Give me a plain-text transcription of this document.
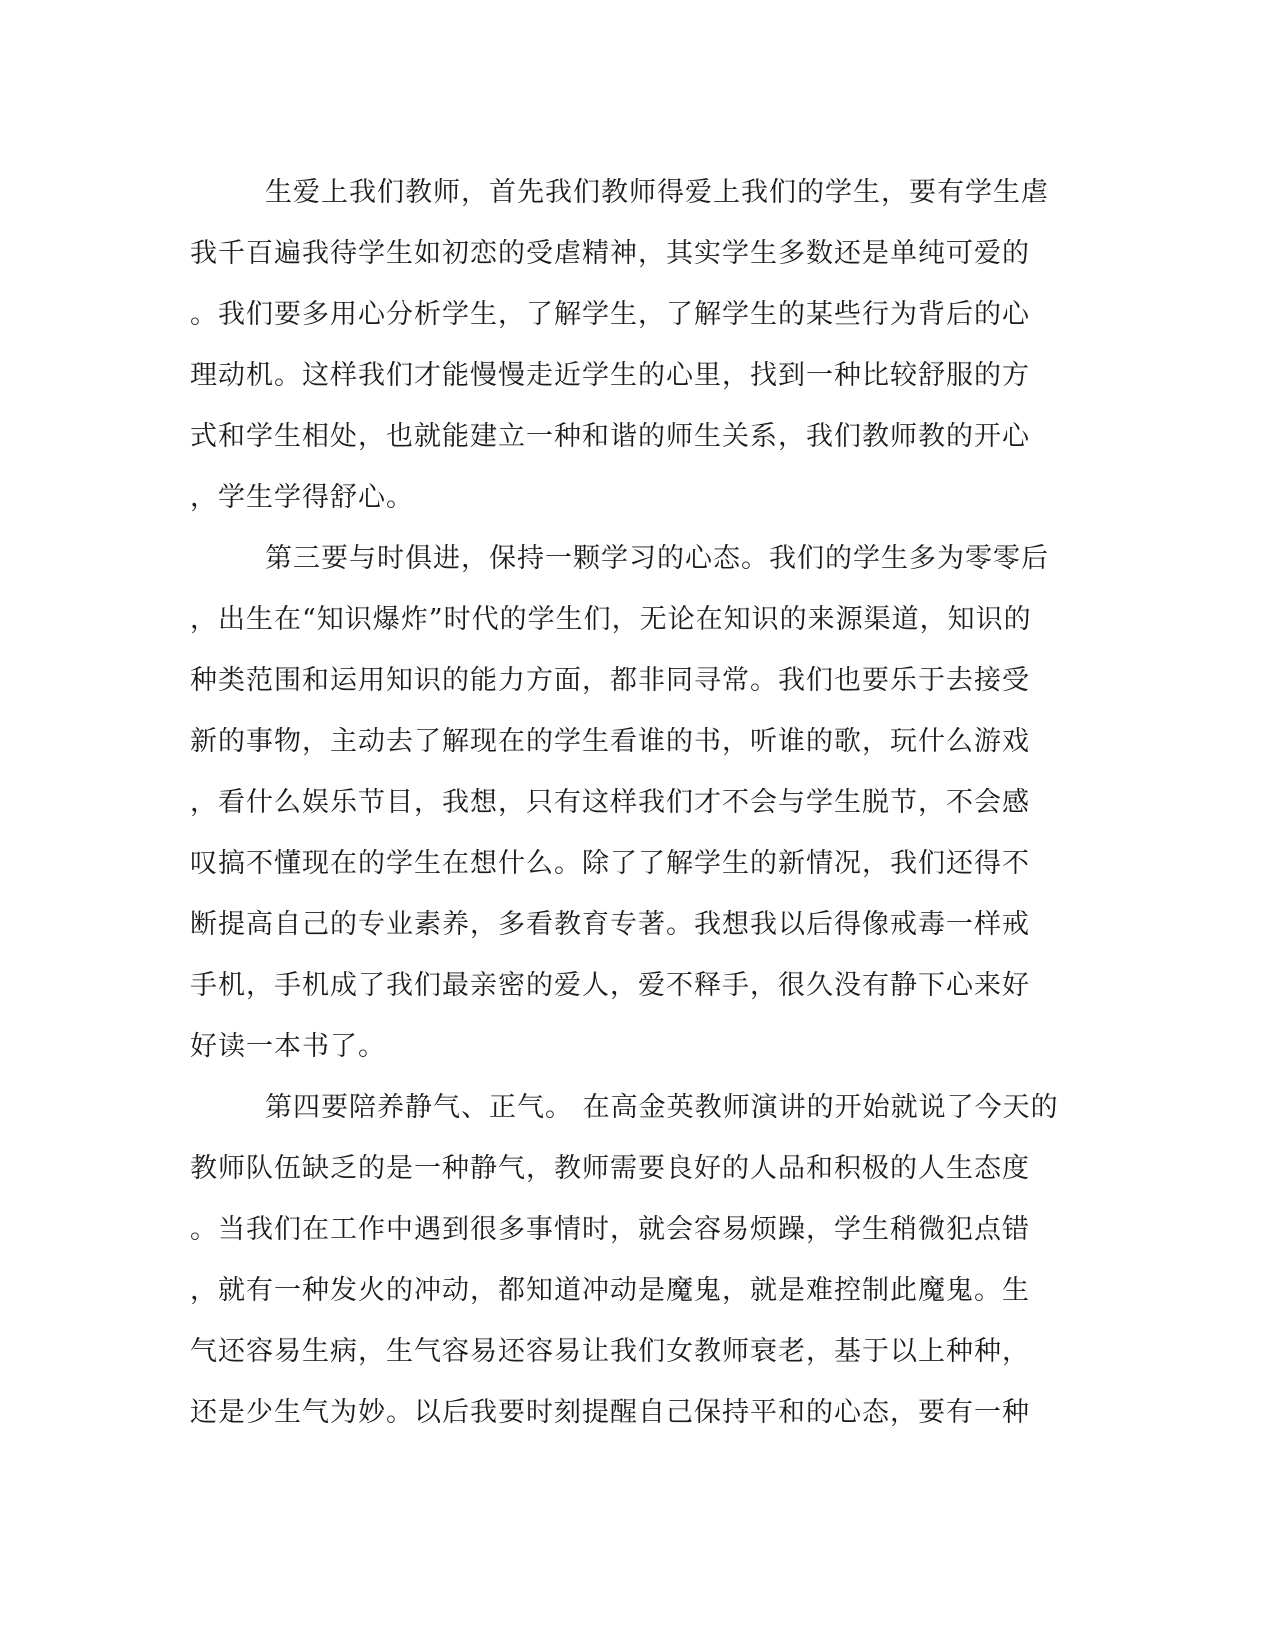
生爱上我们教师，首先我们教师得爱上我们的学生，要有学生虐
我千百遍我待学生如初恋的受虐精神，其实学生多数还是单纯可爱的
。我们要多用心分析学生，了解学生，了解学生的某些行为背后的心
理动机。这样我们才能慢慢走近学生的心里，找到一种比较舒服的方
式和学生相处，也就能建立一种和谐的师生关系，我们教师教的开心
，学生学得舒心。
第三要与时俱进，保持一颗学习的心态。我们的学生多为零零后
，出生在“知识爆炸”时代的学生们，无论在知识的来源渠道，知识的
种类范围和运用知识的能力方面，都非同寻常。我们也要乐于去接受
新的事物，主动去了解现在的学生看谁的书，听谁的歌，玩什么游戏
，看什么娱乐节目，我想，只有这样我们才不会与学生脱节，不会感
叹搞不懂现在的学生在想什么。除了了解学生的新情况，我们还得不
断提高自己的专业素养，多看教育专著。我想我以后得像戒毒一样戒
手机，手机成了我们最亲密的爱人，爱不释手，很久没有静下心来好
好读一本书了。
第四要陪养静气、正气。 在高金英教师演讲的开始就说了今天的
教师队伍缺乏的是一种静气，教师需要良好的人品和积极的人生态度
。当我们在工作中遇到很多事情时，就会容易烦躁，学生稍微犯点错
，就有一种发火的冲动，都知道冲动是魔鬼，就是难控制此魔鬼。生
气还容易生病，生气容易还容易让我们女教师衰老，基于以上种种，
还是少生气为妙。以后我要时刻提醒自己保持平和的心态，要有一种
